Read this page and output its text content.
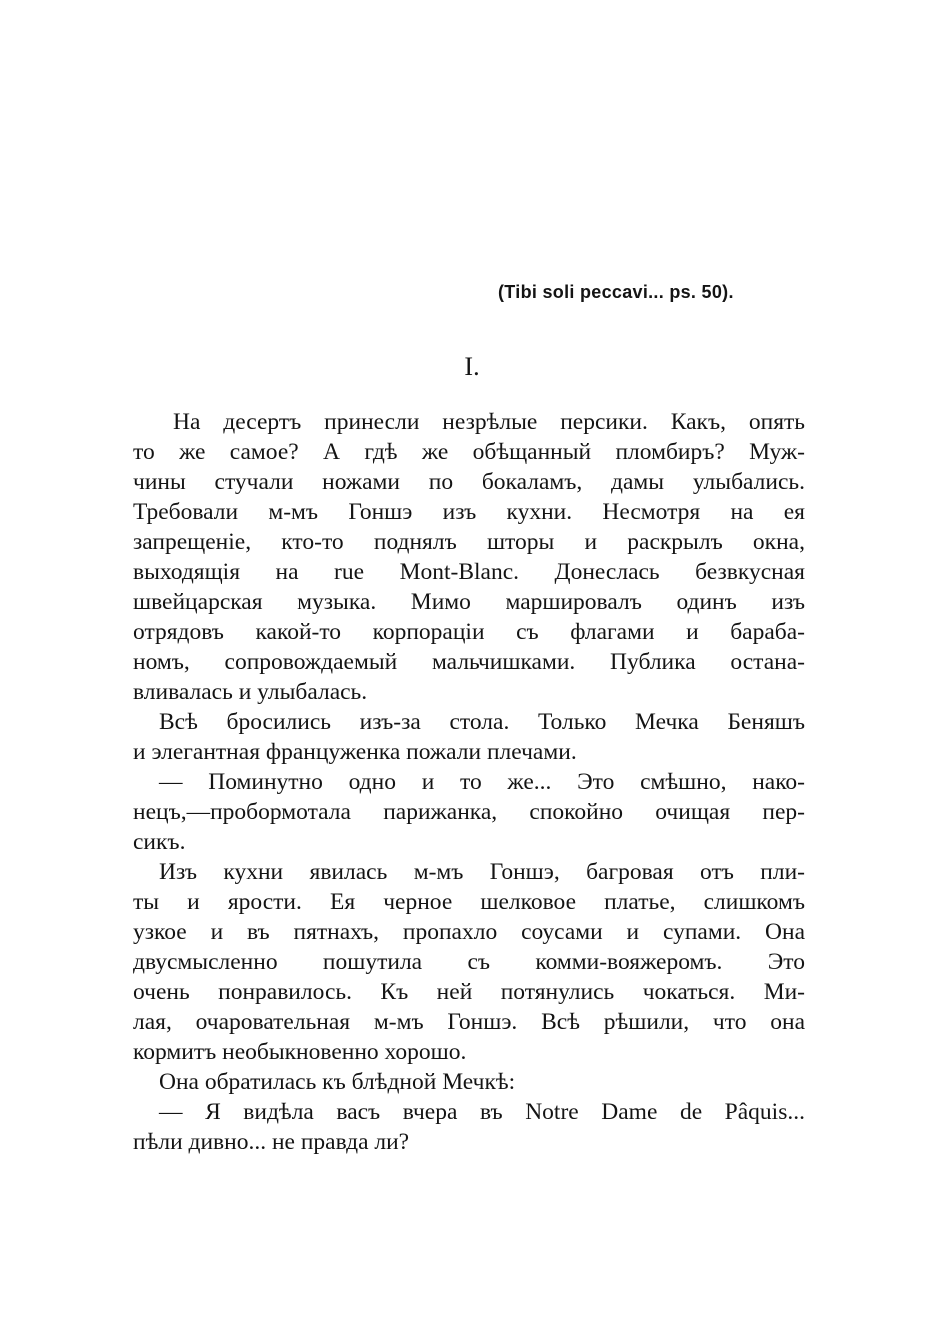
(Tibi soli peccavi... ps. 50).
I.
На десертъ принесли незрѣлые персики. Какъ, опять
то же самое? А гдѣ же обѣщанный пломбиръ? Муж-
чины стучали ножами по бокаламъ, дамы улыбались.
Требовали м-мъ Гоншэ изъ кухни. Несмотря на ея
запрещеніе, кто-то поднялъ шторы и раскрылъ окна,
выходящія на rue Mont-Blanc. Донеслась безвкусная
швейцарская музыка. Мимо маршировалъ одинъ изъ
отрядовъ какой-то корпораціи съ флагами и бараба-
номъ, сопровождаемый мальчишками. Публика остана-
вливалась и улыбалась.
Всѣ бросились изъ-за стола. Только Мечка Беняшъ
и элегантная француженка пожали плечами.
— Поминутно одно и то же... Это смѣшно, нако-
нецъ,—пробормотала парижанка, спокойно очищая пер-
сикъ.
Изъ кухни явилась м-мъ Гоншэ, багровая отъ пли-
ты и ярости. Ея черное шелковое платье, слишкомъ
узкое и въ пятнахъ, пропахло соусами и супами. Она
двусмысленно пошутила съ комми-вояжеромъ. Это
очень понравилось. Къ ней потянулись чокаться. Ми-
лая, очаровательная м-мъ Гоншэ. Всѣ рѣшили, что она
кормитъ необыкновенно хорошо.
Она обратилась къ блѣдной Мечкѣ:
— Я видѣла васъ вчера въ Notre Dame de Pâquis...
пѣли дивно... не правда ли?
